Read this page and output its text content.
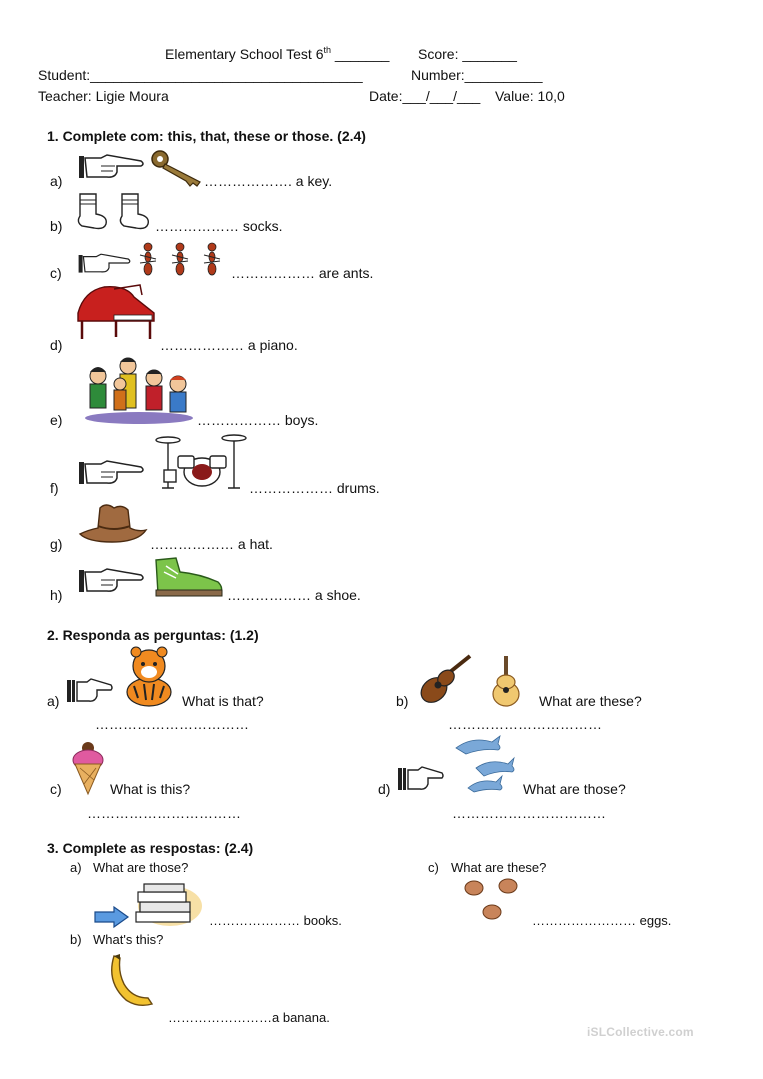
Elementary School Test 6th _______ Score: _______
Student:___________________________________	Number:__________
Teacher: Ligie Moura	Date:___/___/___ Value: 10,0
1. Complete com: this, that, these or those. (2.4)
a)	………………. a key.
b)	……………… socks.
c)	……………… are ants.
d)	……………… a piano.
e)	……………… boys.
f)	……………… drums.
g)	……………… a hat.
h)	……………… a shoe.
2. Responda as perguntas: (1.2)
a)	What is that?
……………………………
b)	What are these?
……………………………
c)	What is this?
……………………………
d)	What are those?
……………………………
3. Complete as respostas: (2.4)
a) What are those?
………………… books.
c) What are these?
…………………… eggs.
b) What's this?
……………………a banana.
iSLCollective.com
